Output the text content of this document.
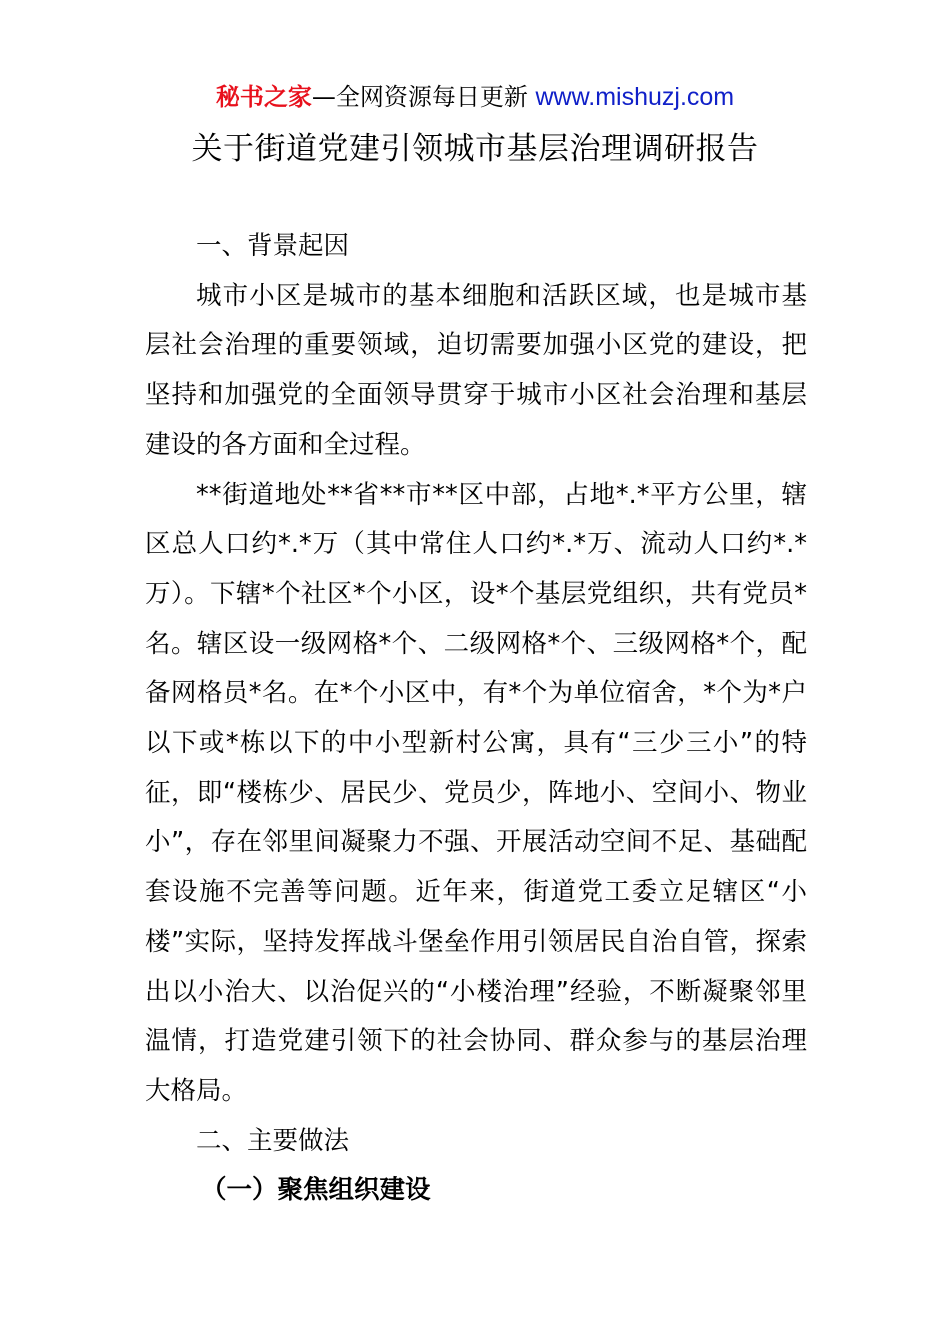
秘书之家—全网资源每日更新 www.mishuzj.com
关于街道党建引领城市基层治理调研报告
一、背景起因

城市小区是城市的基本细胞和活跃区域，也是城市基层社会治理的重要领域，迫切需要加强小区党的建设，把坚持和加强党的全面领导贯穿于城市小区社会治理和基层建设的各方面和全过程。

**街道地处**省**市**区中部，占地*.*平方公里，辖区总人口约*.*万（其中常住人口约*.*万、流动人口约*.*万）。下辖*个社区*个小区，设*个基层党组织，共有党员*名。辖区设一级网格*个、二级网格*个、三级网格*个，配备网格员*名。在*个小区中，有*个为单位宿舍，*个为*户以下或*栋以下的中小型新村公寓，具有“三少三小”的特征，即“楼栋少、居民少、党员少，阵地小、空间小、物业小”，存在邻里间凝聚力不强、开展活动空间不足、基础配套设施不完善等问题。近年来，街道党工委立足辖区“小楼”实际，坚持发挥战斗堡垒作用引领居民自治自管，探索出以小治大、以治促兴的“小楼治理”经验，不断凝聚邻里温情，打造党建引领下的社会协同、群众参与的基层治理大格局。

二、主要做法
（一）聚焦组织建设
